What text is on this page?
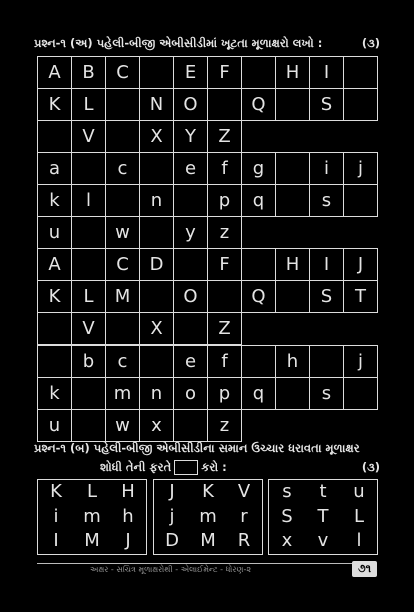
પ્રશ્ન-૧ (અ) પહેલી-બીજી એબીસીડીમાં ખૂટતા મૂળાક્ષરો લખો :	(૩)
A	B	C		E	F		H	I	
K	L		N	O		Q		S	
	V		X	Y	Z				
a		c		e	f	g		i	j
k	l		n		p	q		s	
u		w		y	z				
A		C	D		F		H	I	J
K	L	M		O		Q		S	T
	V		X		Z				
	b	c		e	f		h		j
k		m	n	o	p	q		s	
u		w	x		z				
પ્રશ્ન-૧ (બ) પહેલી-બીજી એબીસીડીના સમાન ઉચ્ચાર ધરાવતા મૂળાક્ષર
શોધી તેની ફરતે	કરો :	(૩)
K	L	H
i	m	h
I	M	J
J	K	V
j	m	r
D	M	R
s	t	u
S	T	L
x	v	l
અક્ષર - સચિત્ર મૂળાક્ષરોથી - એલાઈમેન્ટ - ધોરણ-૨	૭૧
